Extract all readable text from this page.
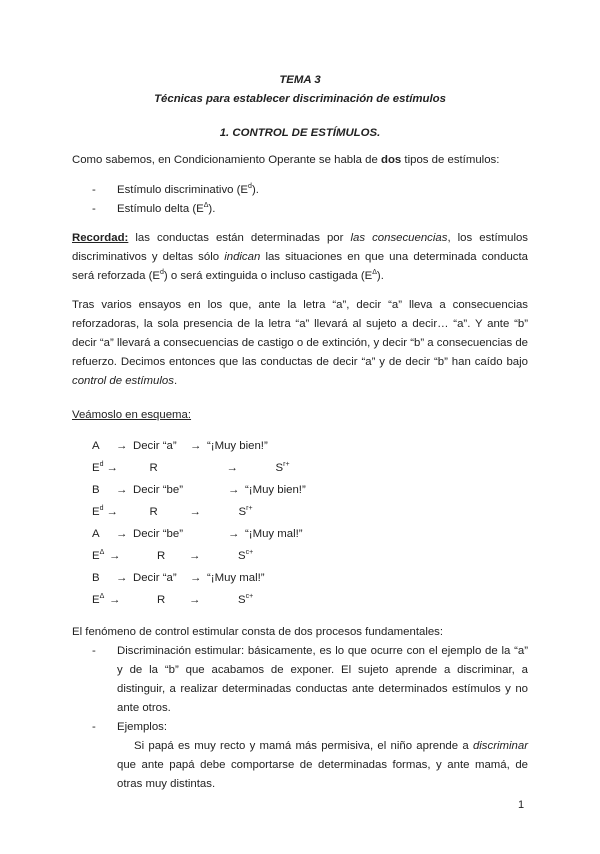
TEMA 3
Técnicas para establecer discriminación de estímulos
1. CONTROL DE ESTÍMULOS.
Como sabemos, en Condicionamiento Operante se habla de dos tipos de estímulos:
-	Estímulo discriminativo $(E^d)$.
-	Estímulo delta $(E^\Delta)$.
Recordad: las conductas están determinadas por las consecuencias, los estímulos discriminativos y deltas sólo indican las situaciones en que una determinada conducta será reforzada $(E^d)$ o será extinguida o incluso castigada $(E^\Delta)$.
Tras varios ensayos en los que, ante la letra “a”, decir “a” lleva a consecuencias reforzadoras, la sola presencia de la letra “a” llevará al sujeto a decir… “a”. Y ante “b” decir “a” llevará a consecuencias de castigo o de extinción, y decir “b” a consecuencias de refuerzo. Decimos entonces que las conductas de decir “a” y de decir “b” han caído bajo control de estímulos.
Veámoslo en esquema:
A	→ Decir “a”	→ “¡Muy bien!”
$E^d$ →	R	→	$S^{r+}$
B	→ Decir “be”	→ “¡Muy bien!”
$E^d$ →	R	→	$S^{r+}$
A	→ Decir “be”	→ “¡Muy mal!”
$E^\Delta$ →	R	→	$S^{c+}$
B	→ Decir “a”	→ “¡Muy mal!”
$E^\Delta$ →	R	→	$S^{c+}$
El fenómeno de control estimular consta de dos procesos fundamentales:
-	Discriminación estimular: básicamente, es lo que ocurre con el ejemplo de la “a” y de la “b” que acabamos de exponer. El sujeto aprende a discriminar, a distinguir, a realizar determinadas conductas ante determinados estímulos y no ante otros.
-	Ejemplos:
Si papá es muy recto y mamá más permisiva, el niño aprende a discriminar que ante papá debe comportarse de determinadas formas, y ante mamá, de otras muy distintas.
1
